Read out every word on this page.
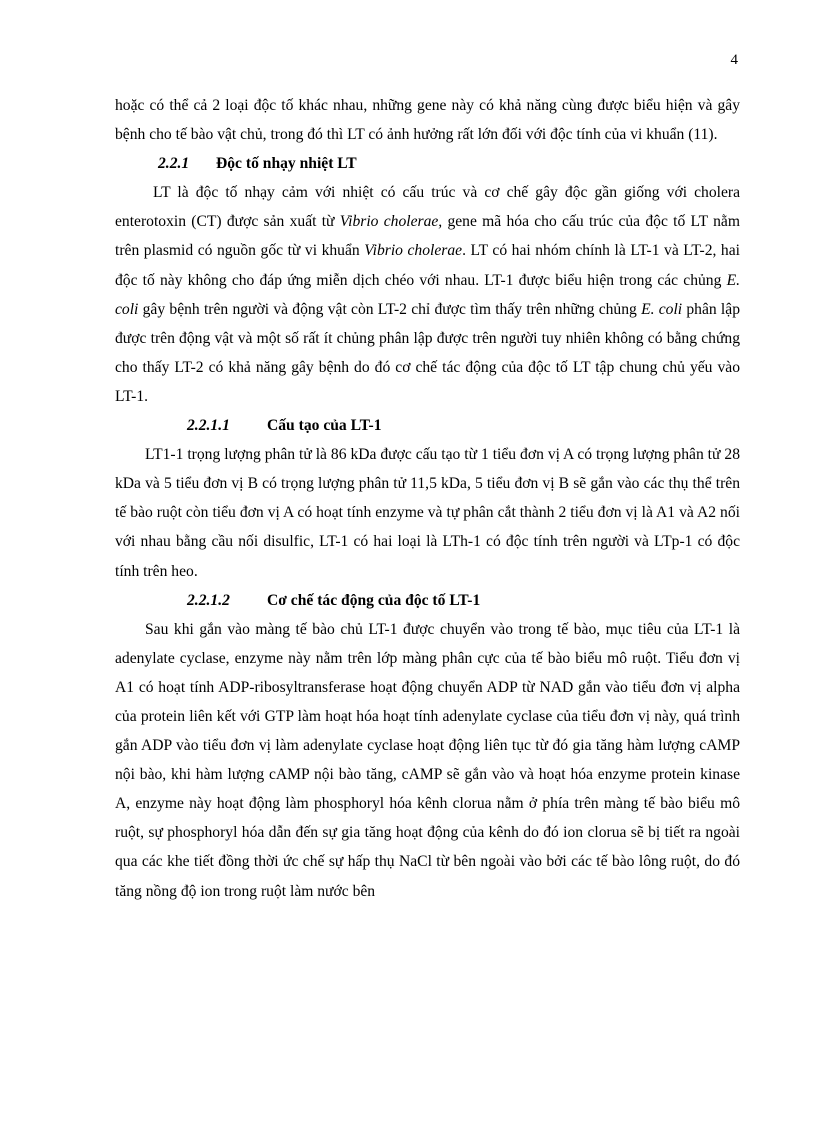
4

hoặc có thể cả 2 loại độc tố khác nhau, những gene này có khả năng cùng được biểu hiện và gây bệnh cho tế bào vật chủ, trong đó thì LT có ảnh hưởng rất lớn đối với độc tính của vi khuẩn (11).

2.2.1 Độc tố nhạy nhiệt LT

LT là độc tố nhạy cảm với nhiệt có cấu trúc và cơ chế gây độc gần giống với cholera enterotoxin (CT) được sản xuất từ Vibrio cholerae, gene mã hóa cho cấu trúc của độc tố LT nằm trên plasmid có nguồn gốc từ vi khuẩn Vibrio cholerae. LT có hai nhóm chính là LT-1 và LT-2, hai độc tố này không cho đáp ứng miễn dịch chéo với nhau. LT-1 được biểu hiện trong các chủng E. coli gây bệnh trên người và động vật còn LT-2 chỉ được tìm thấy trên những chủng E. coli phân lập được trên động vật và một số rất ít chủng phân lập được trên người tuy nhiên không có bằng chứng cho thấy LT-2 có khả năng gây bệnh do đó cơ chế tác động của độc tố LT tập chung chủ yếu vào LT-1.

2.2.1.1 Cấu tạo của LT-1

LT1-1 trọng lượng phân tử là 86 kDa được cấu tạo từ 1 tiểu đơn vị A có trọng lượng phân tử 28 kDa và 5 tiểu đơn vị B có trọng lượng phân tử 11,5 kDa, 5 tiểu đơn vị B sẽ gắn vào các thụ thể trên tế bào ruột còn tiểu đơn vị A có hoạt tính enzyme và tự phân cắt thành 2 tiểu đơn vị là A1 và A2 nối với nhau bằng cầu nối disulfic, LT-1 có hai loại là LTh-1 có độc tính trên người và LTp-1 có độc tính trên heo.

2.2.1.2 Cơ chế tác động của độc tố LT-1

Sau khi gắn vào màng tế bào chủ LT-1 được chuyển vào trong tế bào, mục tiêu của LT-1 là adenylate cyclase, enzyme này nằm trên lớp màng phân cực của tế bào biểu mô ruột. Tiểu đơn vị A1 có hoạt tính ADP-ribosyltransferase hoạt động chuyển ADP từ NAD gắn vào tiểu đơn vị alpha của protein liên kết với GTP làm hoạt hóa hoạt tính adenylate cyclase của tiểu đơn vị này, quá trình gắn ADP vào tiểu đơn vị làm adenylate cyclase hoạt động liên tục từ đó gia tăng hàm lượng cAMP nội bào, khi hàm lượng cAMP nội bào tăng, cAMP sẽ gắn vào và hoạt hóa enzyme protein kinase A, enzyme này hoạt động làm phosphoryl hóa kênh clorua nằm ở phía trên màng tế bào biểu mô ruột, sự phosphoryl hóa dẫn đến sự gia tăng hoạt động của kênh do đó ion clorua sẽ bị tiết ra ngoài qua các khe tiết đồng thời ức chế sự hấp thụ NaCl từ bên ngoài vào bởi các tế bào lông ruột, do đó tăng nồng độ ion trong ruột làm nước bên
